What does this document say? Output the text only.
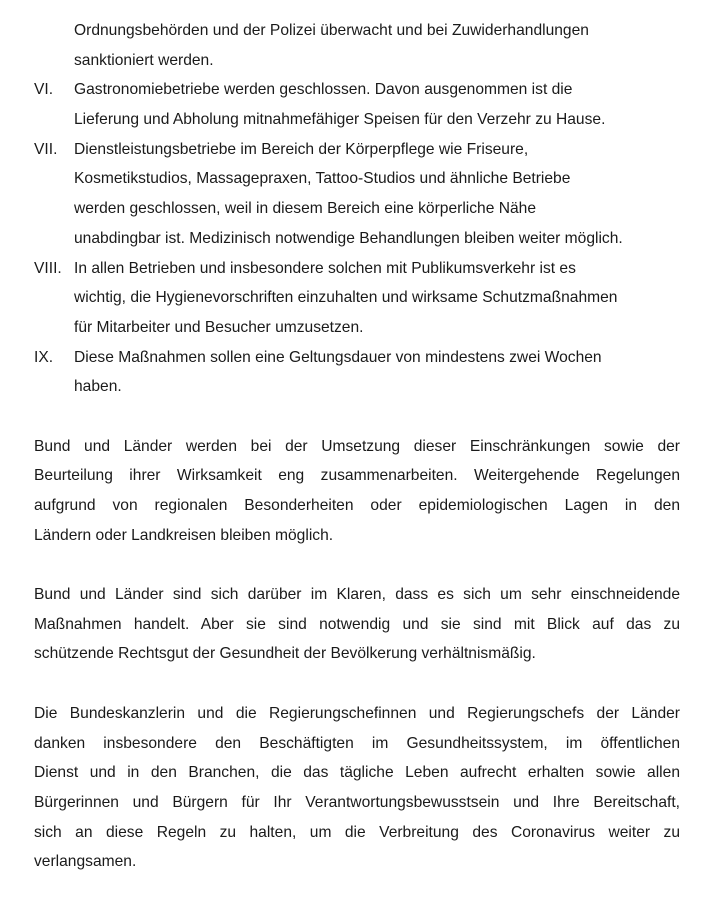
Ordnungsbehörden und der Polizei überwacht und bei Zuwiderhandlungen
sanktioniert werden.
VI. Gastronomiebetriebe werden geschlossen. Davon ausgenommen ist die
Lieferung und Abholung mitnahmefähiger Speisen für den Verzehr zu Hause.
VII. Dienstleistungsbetriebe im Bereich der Körperpflege wie Friseure,
Kosmetikstudios, Massagepraxen, Tattoo-Studios und ähnliche Betriebe
werden geschlossen, weil in diesem Bereich eine körperliche Nähe
unabdingbar ist. Medizinisch notwendige Behandlungen bleiben weiter möglich.
VIII. In allen Betrieben und insbesondere solchen mit Publikumsverkehr ist es
wichtig, die Hygienevorschriften einzuhalten und wirksame Schutzmaßnahmen
für Mitarbeiter und Besucher umzusetzen.
IX. Diese Maßnahmen sollen eine Geltungsdauer von mindestens zwei Wochen
haben.
Bund und Länder werden bei der Umsetzung dieser Einschränkungen sowie der
Beurteilung ihrer Wirksamkeit eng zusammenarbeiten. Weitergehende Regelungen
aufgrund von regionalen Besonderheiten oder epidemiologischen Lagen in den
Ländern oder Landkreisen bleiben möglich.
Bund und Länder sind sich darüber im Klaren, dass es sich um sehr einschneidende
Maßnahmen handelt. Aber sie sind notwendig und sie sind mit Blick auf das zu
schützende Rechtsgut der Gesundheit der Bevölkerung verhältnismäßig.
Die Bundeskanzlerin und die Regierungschefinnen und Regierungschefs der Länder
danken insbesondere den Beschäftigten im Gesundheitssystem, im öffentlichen
Dienst und in den Branchen, die das tägliche Leben aufrecht erhalten sowie allen
Bürgerinnen und Bürgern für Ihr Verantwortungsbewusstsein und Ihre Bereitschaft,
sich an diese Regeln zu halten, um die Verbreitung des Coronavirus weiter zu
verlangsamen.
